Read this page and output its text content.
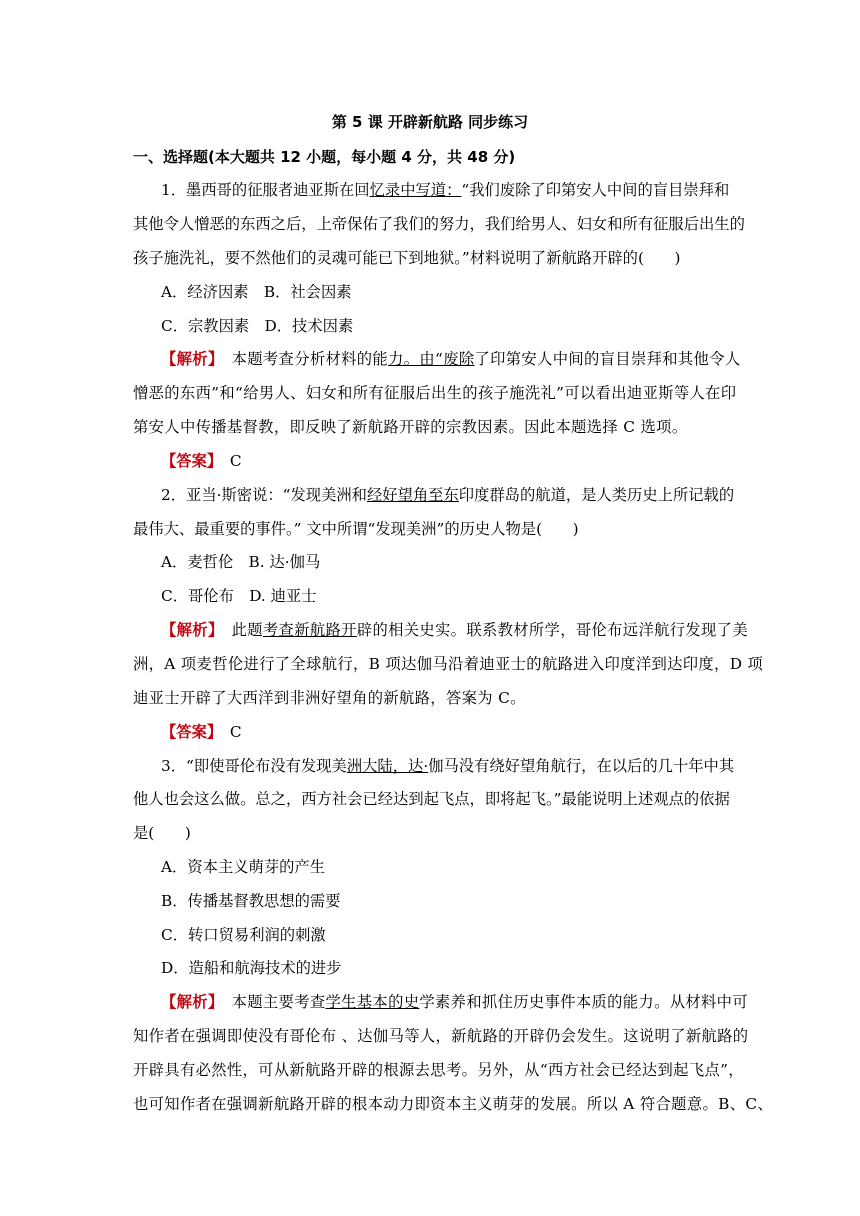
第 5 课 开辟新航路 同步练习
一、选择题(本大题共 12 小题，每小题 4 分，共 48 分)
1．墨西哥的征服者迪亚斯在回忆录中写道：“我们废除了印第安人中间的盲目崇拜和
其他令人憎恶的东西之后，上帝保佑了我们的努力，我们给男人、妇女和所有征服后出生的
孩子施洗礼，要不然他们的灵魂可能已下到地狱。”材料说明了新航路开辟的(　　)
A．经济因素　B．社会因素
C．宗教因素　D．技术因素
【解析】　本题考查分析材料的能力。由“废除了印第安人中间的盲目崇拜和其他令人
憎恶的东西”和“给男人、妇女和所有征服后出生的孩子施洗礼”可以看出迪亚斯等人在印
第安人中传播基督教，即反映了新航路开辟的宗教因素。因此本题选择 C 选项。
【答案】　C
2．亚当·斯密说：“发现美洲和经好望角至东印度群岛的航道，是人类历史上所记载的
最伟大、最重要的事件。” 文中所谓“发现美洲”的历史人物是(　　)
A．麦哲伦　B. 达·伽马
C．哥伦布　D. 迪亚士
【解析】　此题考查新航路开辟的相关史实。联系教材所学，哥伦布远洋航行发现了美
洲，A 项麦哲伦进行了全球航行，B 项达伽马沿着迪亚士的航路进入印度洋到达印度，D 项
迪亚士开辟了大西洋到非洲好望角的新航路，答案为 C。
【答案】　C
3．“即使哥伦布没有发现美洲大陆，达·伽马没有绕好望角航行，在以后的几十年中其
他人也会这么做。总之，西方社会已经达到起飞点，即将起飞。”最能说明上述观点的依据
是(　　)
A．资本主义萌芽的产生
B．传播基督教思想的需要
C．转口贸易利润的刺激
D．造船和航海技术的进步
【解析】　本题主要考查学生基本的史学素养和抓住历史事件本质的能力。从材料中可
知作者在强调即使没有哥伦布 、达伽马等人，新航路的开辟仍会发生。这说明了新航路的
开辟具有必然性，可从新航路开辟的根源去思考。另外，从“西方社会已经达到起飞点”，
也可知作者在强调新航路开辟的根本动力即资本主义萌芽的发展。所以 A 符合题意。B、C、
